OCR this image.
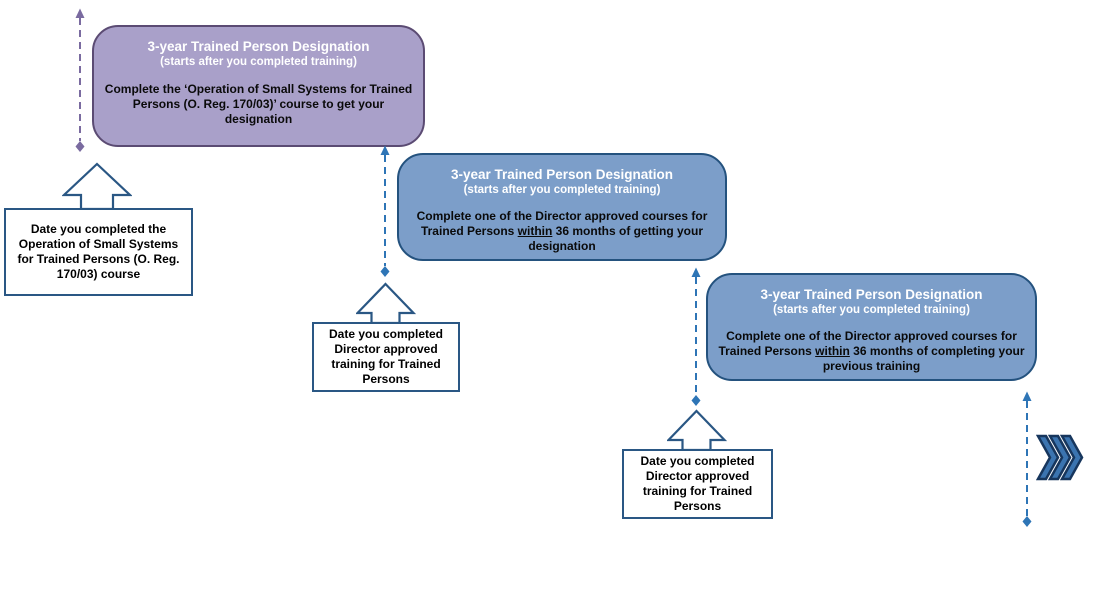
3-year Trained Person Designation
(starts after you completed training)
Complete the ‘Operation of Small Systems for Trained Persons (O. Reg. 170/03)’ course to get your designation
Date you completed the Operation of Small Systems for Trained Persons (O. Reg. 170/03) course
3-year Trained Person Designation
(starts after you completed training)
Complete one of the Director approved courses for Trained Persons within 36 months of getting your designation
Date you completed Director approved training for Trained Persons
3-year Trained Person Designation
(starts after you completed training)
Complete one of the Director approved courses for Trained Persons within 36 months of completing your previous training
Date you completed Director approved training for Trained Persons
